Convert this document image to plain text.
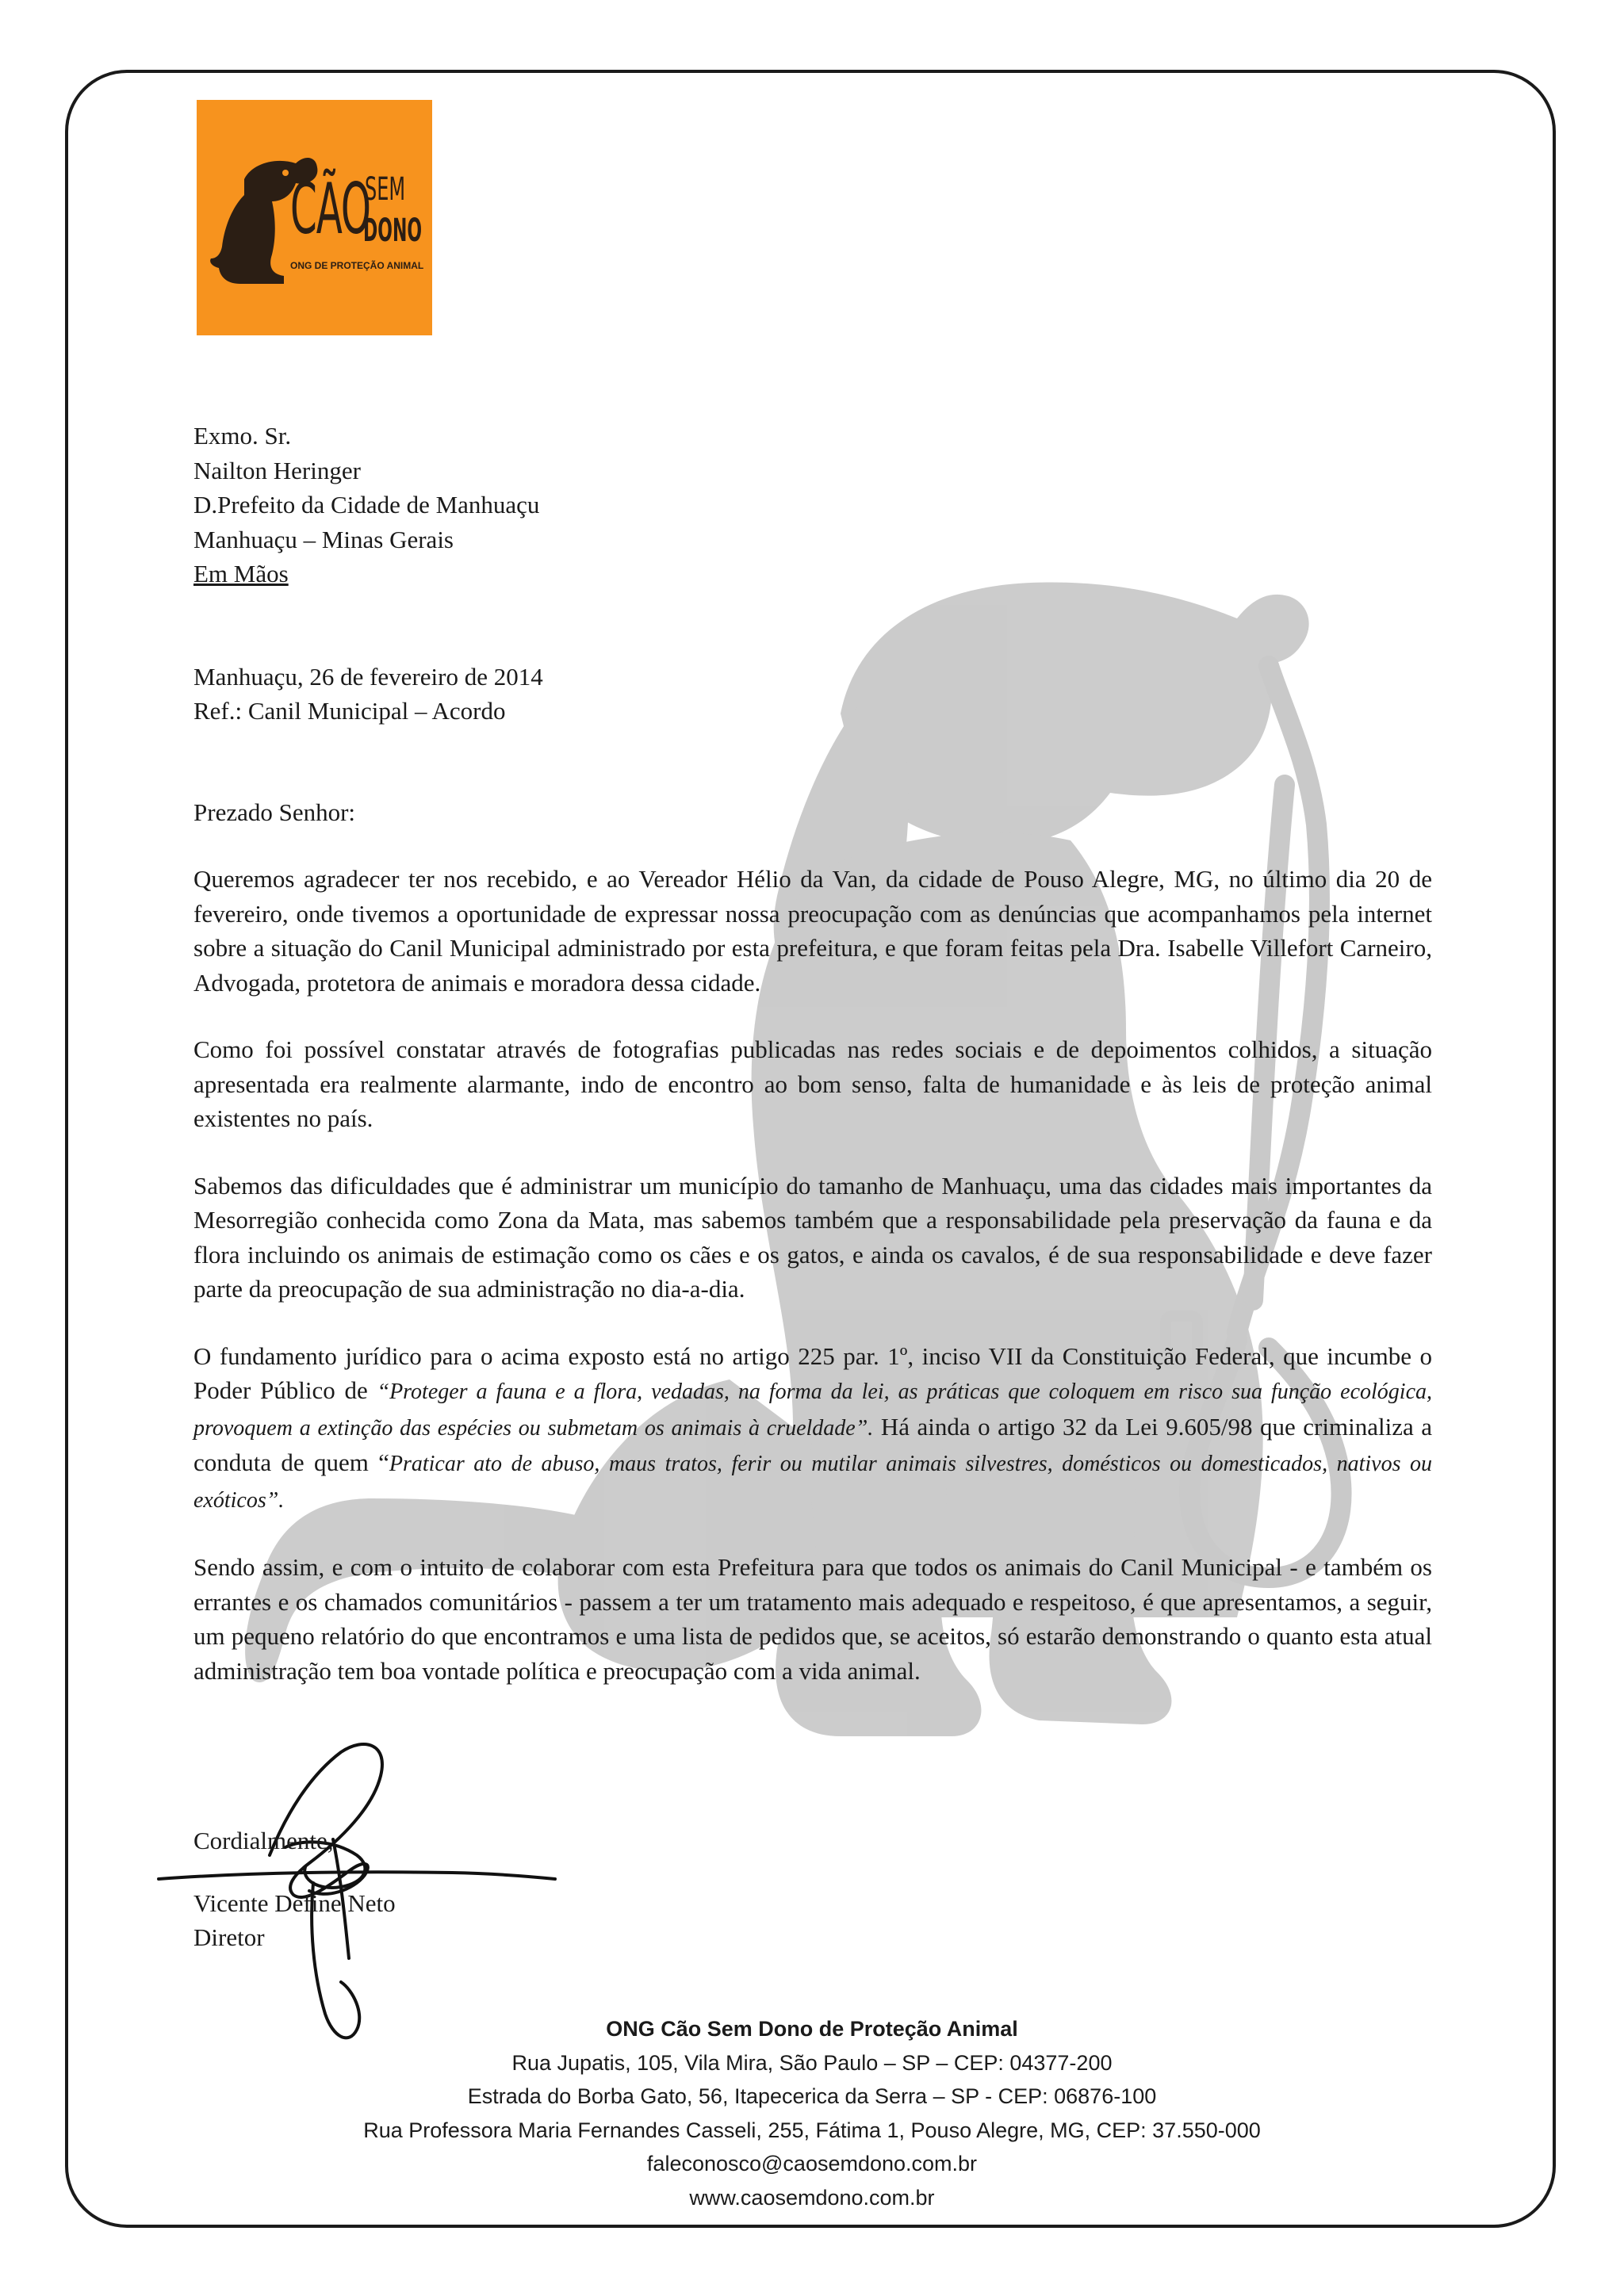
CÃO
SEM
DONO
ONG DE PROTEÇÃO ANIMAL
Exmo. Sr.
Nailton Heringer
D.Prefeito da Cidade de Manhuaçu
Manhuaçu – Minas Gerais
Em Mãos
Manhuaçu, 26 de fevereiro de 2014
Ref.: Canil Municipal – Acordo

Prezado Senhor:

Queremos agradecer ter nos recebido, e ao Vereador Hélio da Van, da cidade de Pouso Alegre, MG, no último dia 20 de fevereiro, onde tivemos a oportunidade de expressar nossa preocupação com as denúncias que acompanhamos pela internet sobre a situação do Canil Municipal administrado por esta prefeitura, e que foram feitas pela Dra. Isabelle Villefort Carneiro, Advogada, protetora de animais e moradora dessa cidade.

Como foi possível constatar através de fotografias publicadas nas redes sociais e de depoimentos colhidos, a situação apresentada era realmente alarmante, indo de encontro ao bom senso, falta de humanidade e às leis de proteção animal existentes no país.

Sabemos das dificuldades que é administrar um município do tamanho de Manhuaçu, uma das cidades mais importantes da Mesorregião conhecida como Zona da Mata, mas sabemos também que a responsabilidade pela preservação da fauna e da flora incluindo os animais de estimação como os cães e os gatos, e ainda os cavalos, é de sua responsabilidade e deve fazer parte da preocupação de sua administração no dia-a-dia.

O fundamento jurídico para o acima exposto está no artigo 225 par. 1º, inciso VII da Constituição Federal, que incumbe o Poder Público de “Proteger a fauna e a flora, vedadas, na forma da lei, as práticas que coloquem em risco sua função ecológica, provoquem a extinção das espécies ou submetam os animais à crueldade”. Há ainda o artigo 32 da Lei 9.605/98 que criminaliza a conduta de quem “Praticar ato de abuso, maus tratos, ferir ou mutilar animais silvestres, domésticos ou domesticados, nativos ou exóticos”.

Sendo assim, e com o intuito de colaborar com esta Prefeitura para que todos os animais do Canil Municipal - e também os errantes e os chamados comunitários - passem a ter um tratamento mais adequado e respeitoso, é que apresentamos, a seguir, um pequeno relatório do que encontramos e uma lista de pedidos que, se aceitos, só estarão demonstrando o quanto esta atual administração tem boa vontade política e preocupação com a vida animal.

Cordialmente,
Vicente Define Neto
Diretor
ONG Cão Sem Dono de Proteção Animal
Rua Jupatis, 105, Vila Mira, São Paulo – SP – CEP: 04377-200
Estrada do Borba Gato, 56, Itapecerica da Serra – SP - CEP: 06876-100
Rua Professora Maria Fernandes Casseli, 255, Fátima 1, Pouso Alegre, MG, CEP: 37.550-000
faleconosco@caosemdono.com.br
www.caosemdono.com.br
